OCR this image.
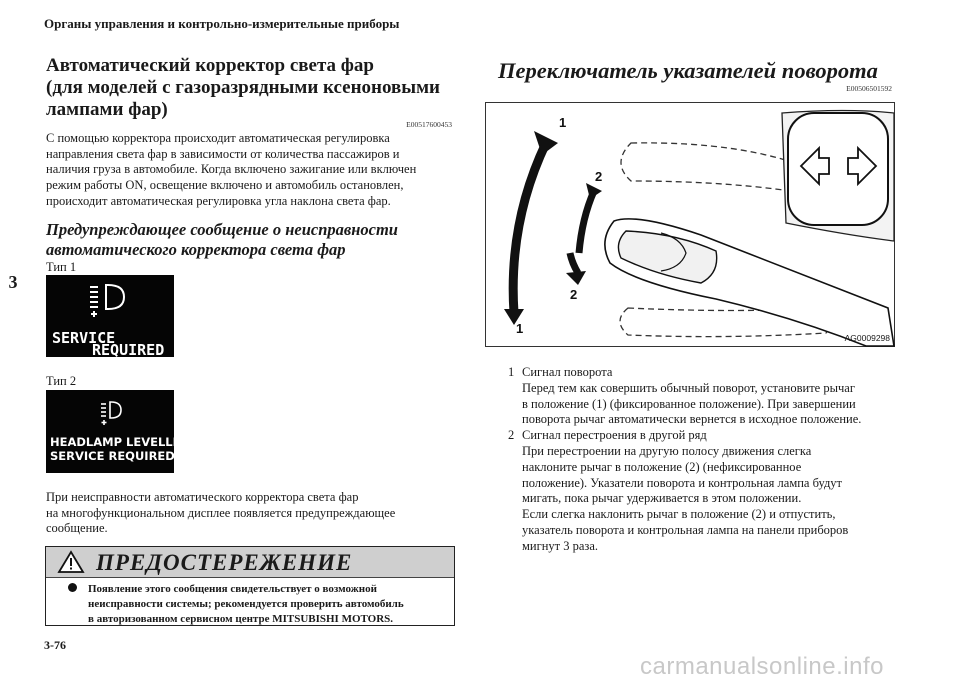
Органы управления и контрольно-измерительные приборы
3
Автоматический корректор света фар
(для моделей с газоразрядными ксеноновыми
лампами фар)
E00517600453
С помощью корректора происходит автоматическая регулировка
направления света фар в зависимости от количества пассажиров и
наличия груза в автомобиле. Когда включено зажигание или включен
режим работы ON, освещение включено и автомобиль остановлен,
происходит автоматическая регулировка угла наклона света фар.
Предупреждающее сообщение о неисправности
автоматического корректора света фар
Тип 1
SERVICE
REQUIRED
Тип 2
HEADLAMP LEVELLING
SERVICE REQUIRED
При неисправности автоматического корректора света фар
на многофункциональном дисплее появляется предупреждающее
сообщение.
ПРЕДОСТЕРЕЖЕНИЕ
Появление этого сообщения свидетельствует о возможной
неисправности системы; рекомендуется проверить автомобиль
в авторизованном сервисном центре MITSUBISHI MOTORS.
3-76
Переключатель указателей поворота
E00506501592
1
2
2
1
AG0009298
1 Сигнал поворота
Перед тем как совершить обычный поворот, установите рычаг
в положение (1) (фиксированное положение). При завершении
поворота рычаг автоматически вернется в исходное положение.
2 Сигнал перестроения в другой ряд
При перестроении на другую полосу движения слегка
наклоните рычаг в положение (2) (нефиксированное
положение). Указатели поворота и контрольная лампа будут
мигать, пока рычаг удерживается в этом положении.
Если слегка наклонить рычаг в положение (2) и отпустить,
указатель поворота и контрольная лампа на панели приборов
мигнут 3 раза.
carmanualsonline.info
